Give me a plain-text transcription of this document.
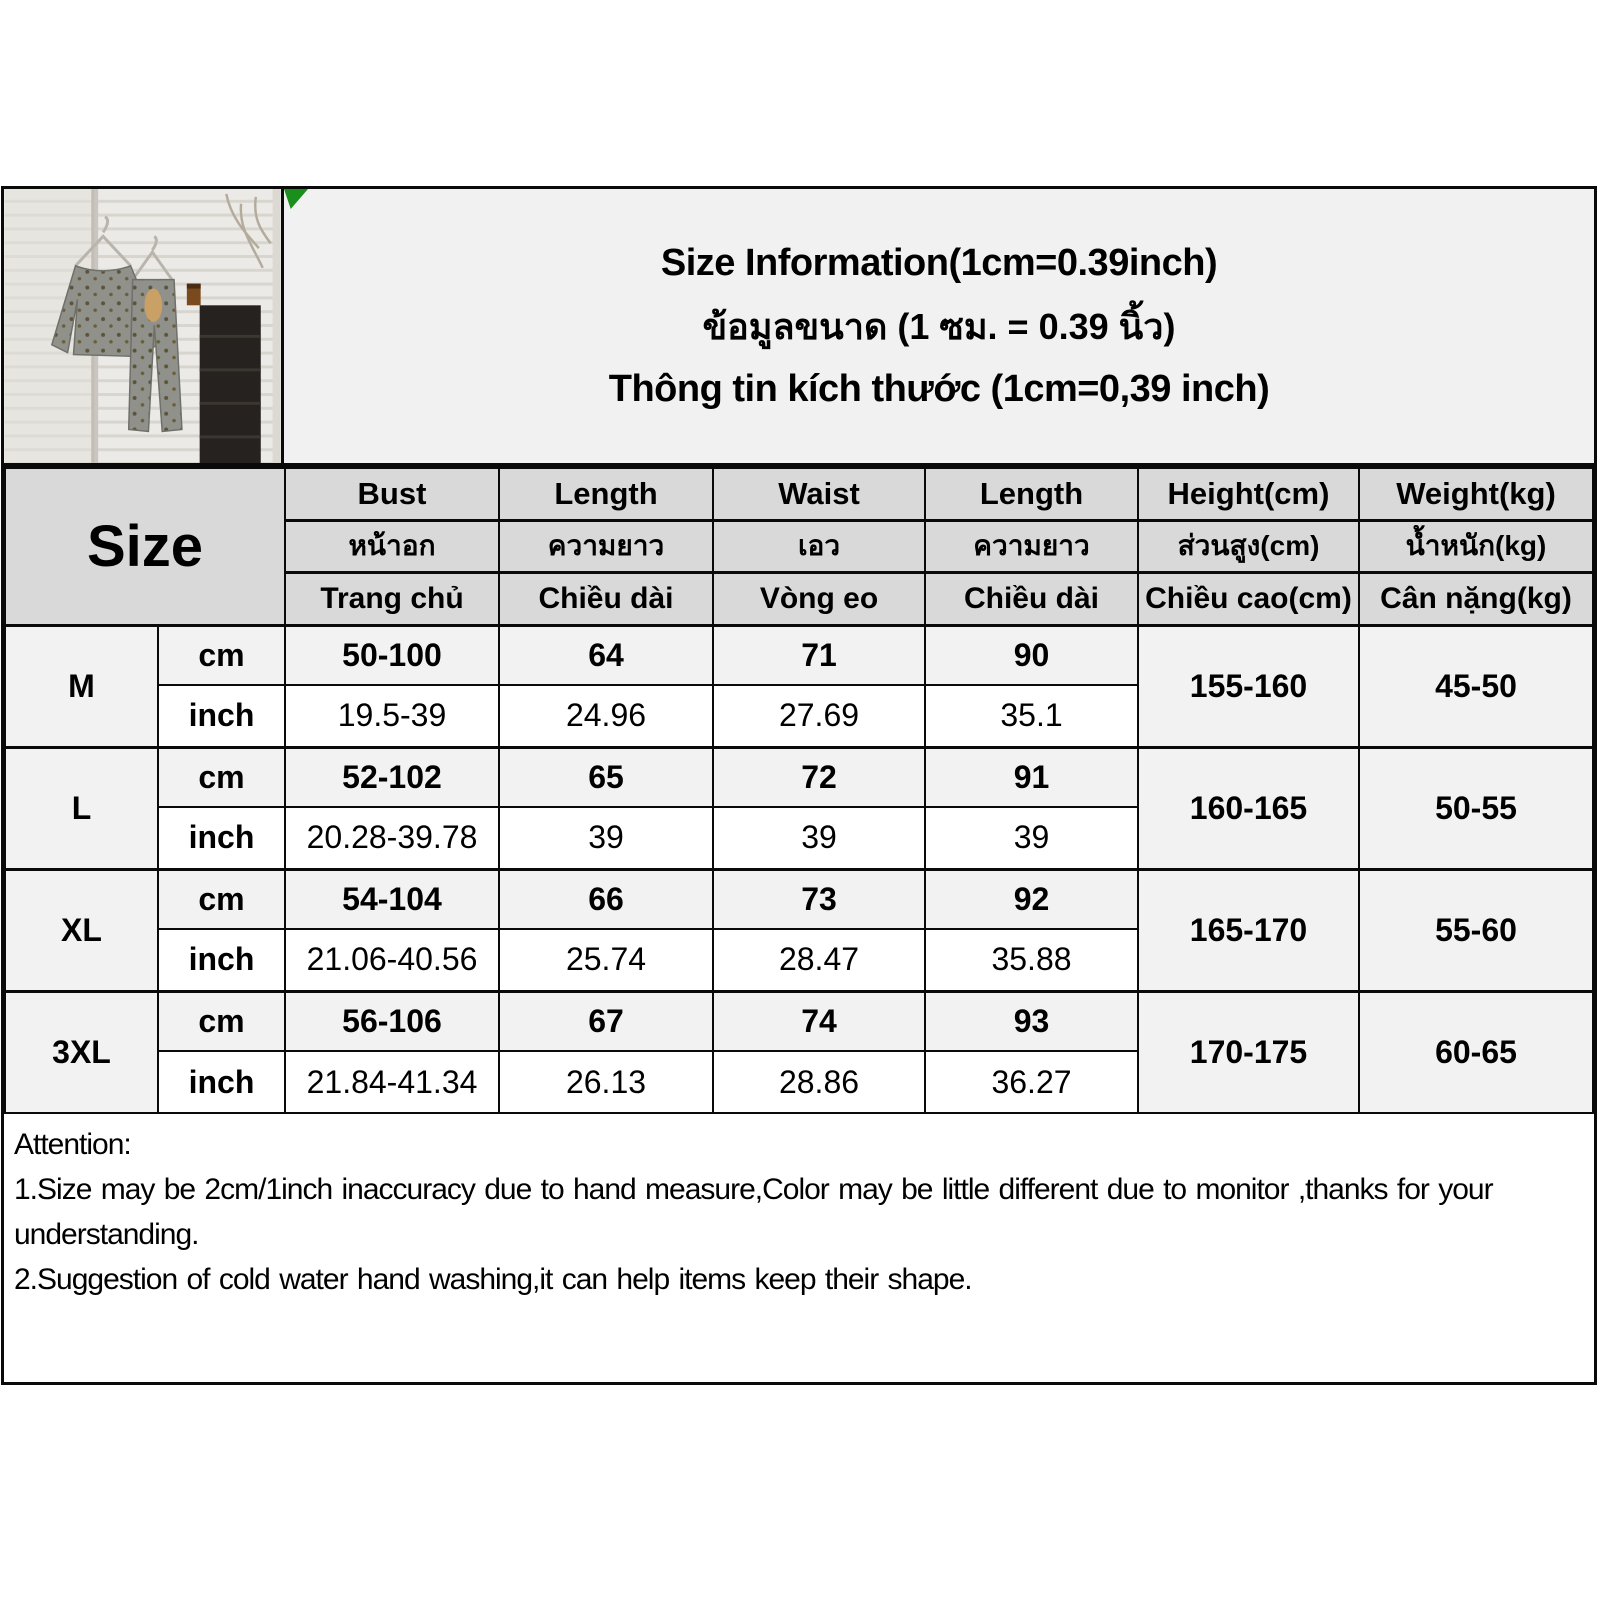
Size Information(1cm=0.39inch)
ข้อมูลขนาด (1 ซม. = 0.39 นิ้ว)
Thông tin kích thước (1cm=0,39 inch)
Size		Bust	Length	Waist	Length	Height(cm)	Weight(kg)
		หน้าอก	ความยาว	เอว	ความยาว	ส่วนสูง(cm)	น้ำหนัก(kg)
		Trang chủ	Chiều dài	Vòng eo	Chiều dài	Chiều cao(cm)	Cân nặng(kg)
M	cm	50-100	64	71	90	155-160	45-50
	inch	19.5-39	24.96	27.69	35.1		
L	cm	52-102	65	72	91	160-165	50-55
	inch	20.28-39.78	39	39	39		
XL	cm	54-104	66	73	92	165-170	55-60
	inch	21.06-40.56	25.74	28.47	35.88		
3XL	cm	56-106	67	74	93	170-175	60-65
	inch	21.84-41.34	26.13	28.86	36.27		

Attention:

1.Size may be 2cm/1inch inaccuracy due to hand measure,Color may be little different due to monitor ,thanks for your understanding.

2.Suggestion of cold water hand washing,it can help items keep their shape.
